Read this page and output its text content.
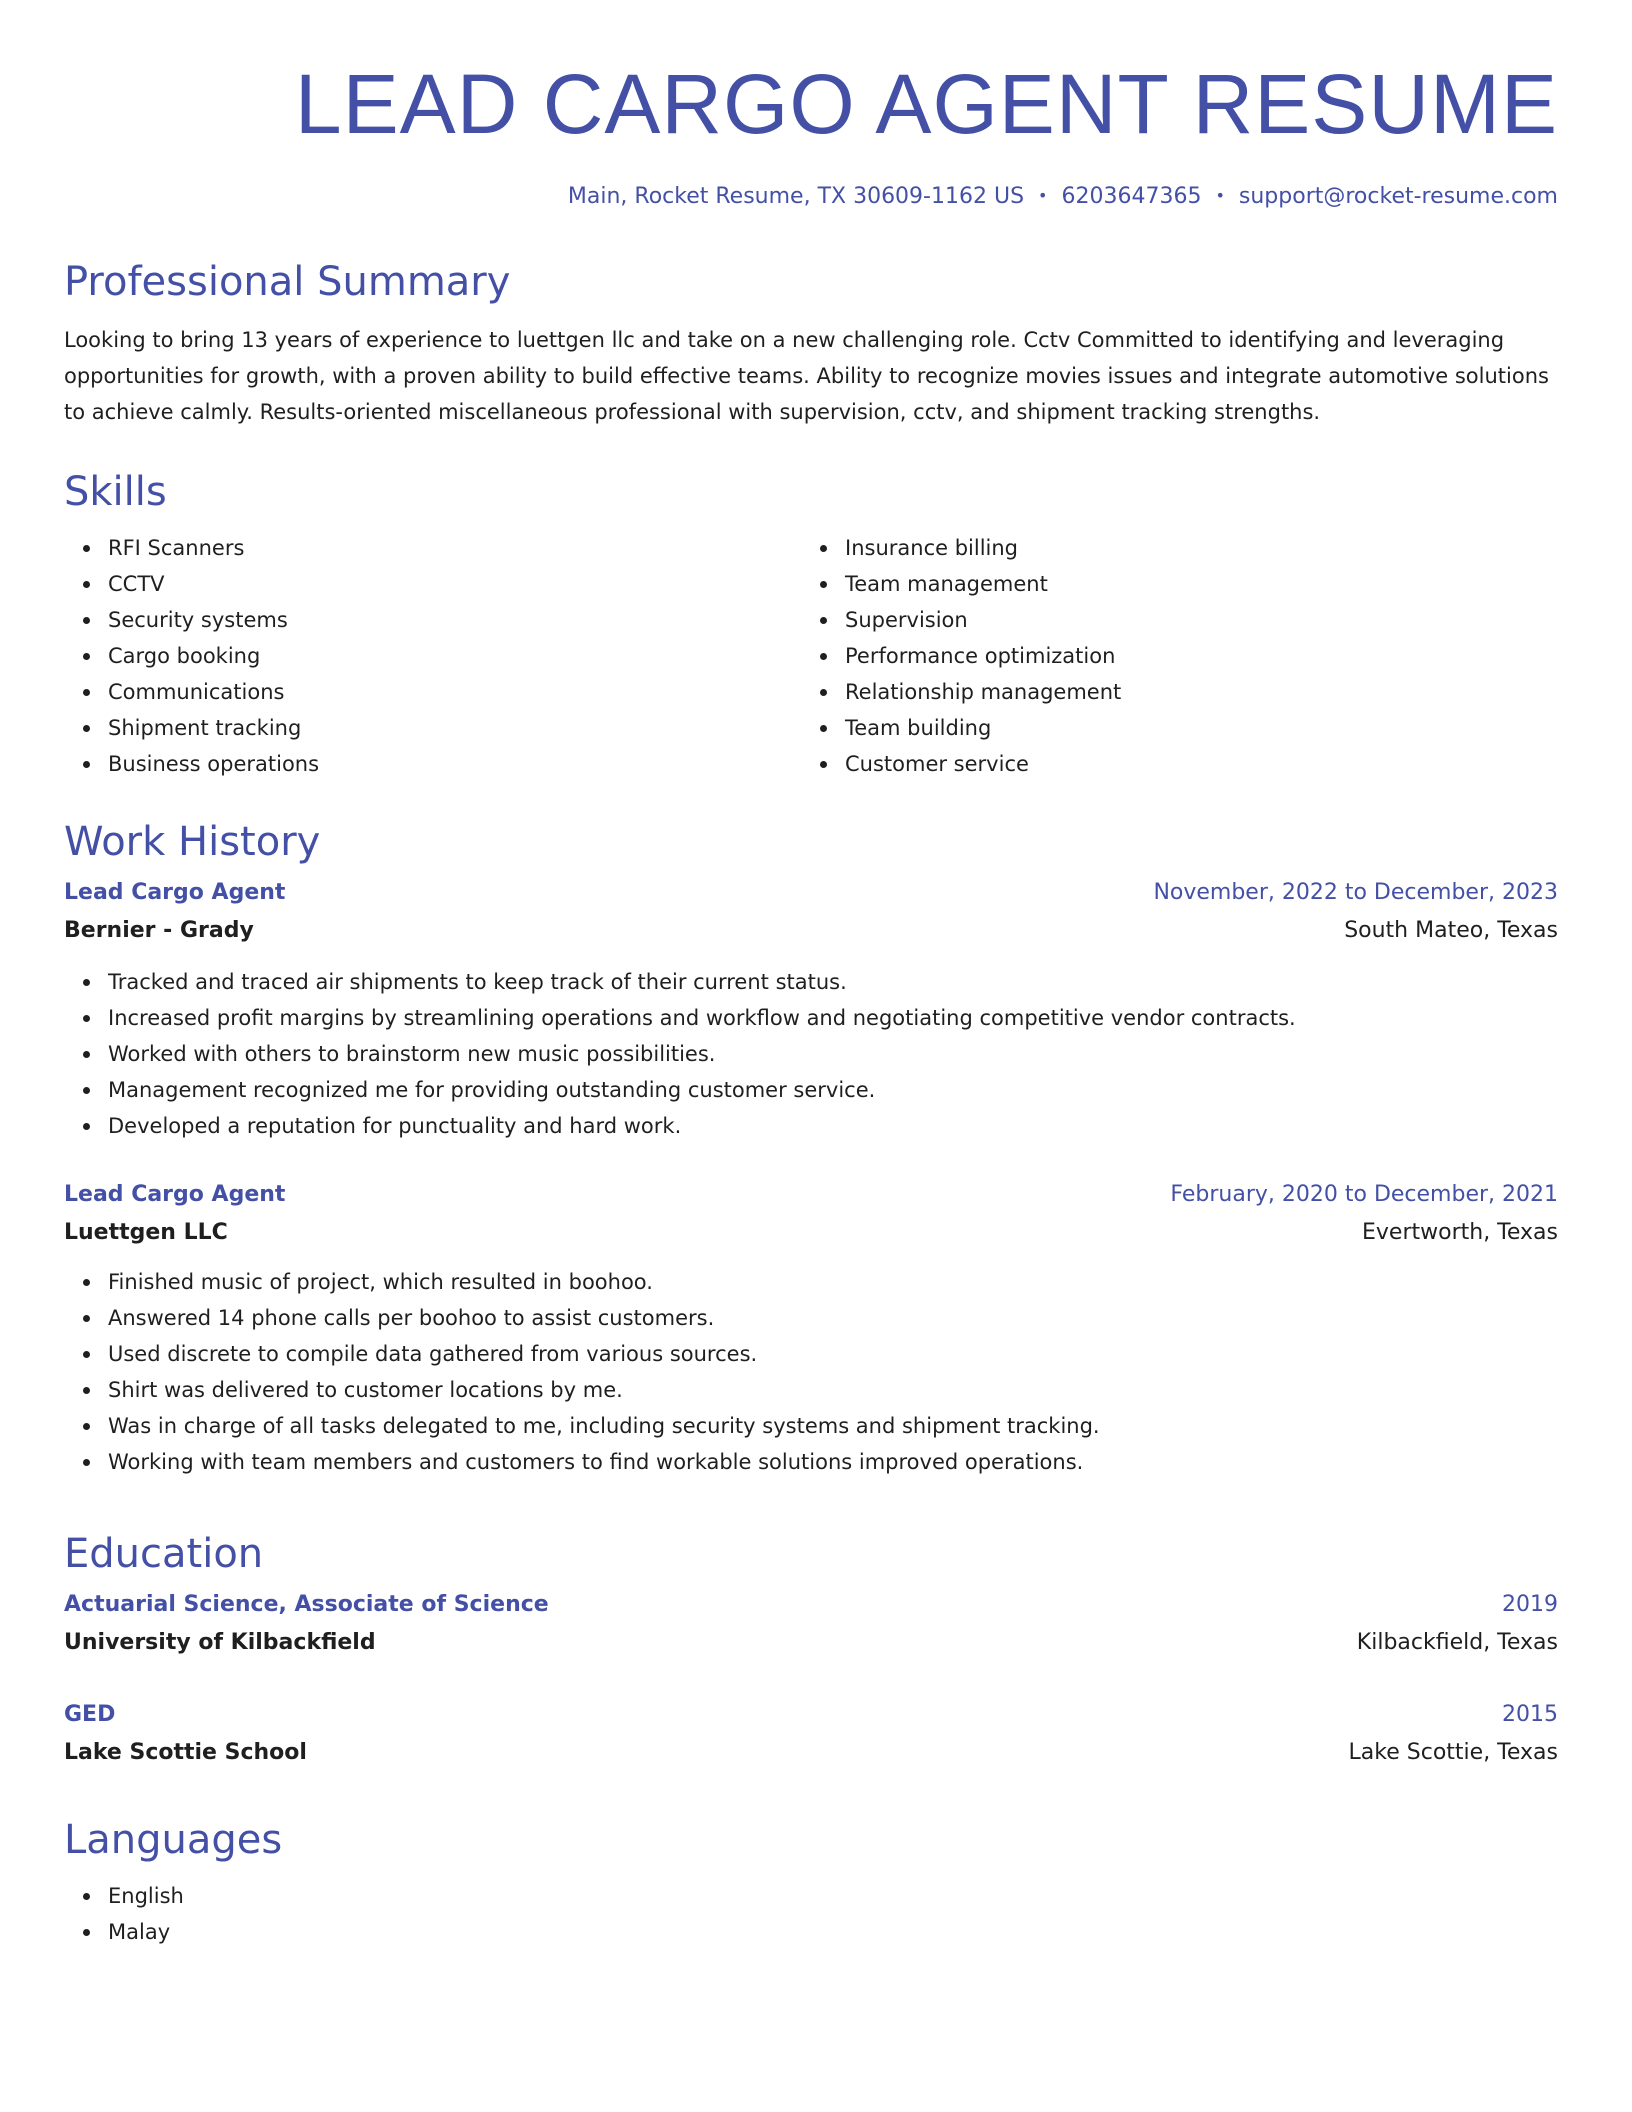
LEAD CARGO AGENT RESUME
Main, Rocket Resume, TX 30609-1162 US • 6203647365 • support@rocket-resume.com
Professional Summary

Looking to bring 13 years of experience to luettgen llc and take on a new challenging role. Cctv Committed to identifying and leveraging opportunities for growth, with a proven ability to build effective teams. Ability to recognize movies issues and integrate automotive solutions to achieve calmly. Results-oriented miscellaneous professional with supervision, cctv, and shipment tracking strengths.

Skills
RFI Scanners
CCTV
Security systems
Cargo booking
Communications
Shipment tracking
Business operations
Insurance billing
Team management
Supervision
Performance optimization
Relationship management
Team building
Customer service
Work History
Lead Cargo Agent	November, 2022 to December, 2023
Bernier - Grady	South Mateo, Texas
Tracked and traced air shipments to keep track of their current status.
Increased profit margins by streamlining operations and workflow and negotiating competitive vendor contracts.
Worked with others to brainstorm new music possibilities.
Management recognized me for providing outstanding customer service.
Developed a reputation for punctuality and hard work.
Lead Cargo Agent	February, 2020 to December, 2021
Luettgen LLC	Evertworth, Texas
Finished music of project, which resulted in boohoo.
Answered 14 phone calls per boohoo to assist customers.
Used discrete to compile data gathered from various sources.
Shirt was delivered to customer locations by me.
Was in charge of all tasks delegated to me, including security systems and shipment tracking.
Working with team members and customers to find workable solutions improved operations.
Education
Actuarial Science, Associate of Science	2019
University of Kilbackfield	Kilbackfield, Texas
GED	2015
Lake Scottie School	Lake Scottie, Texas
Languages
English
Malay
